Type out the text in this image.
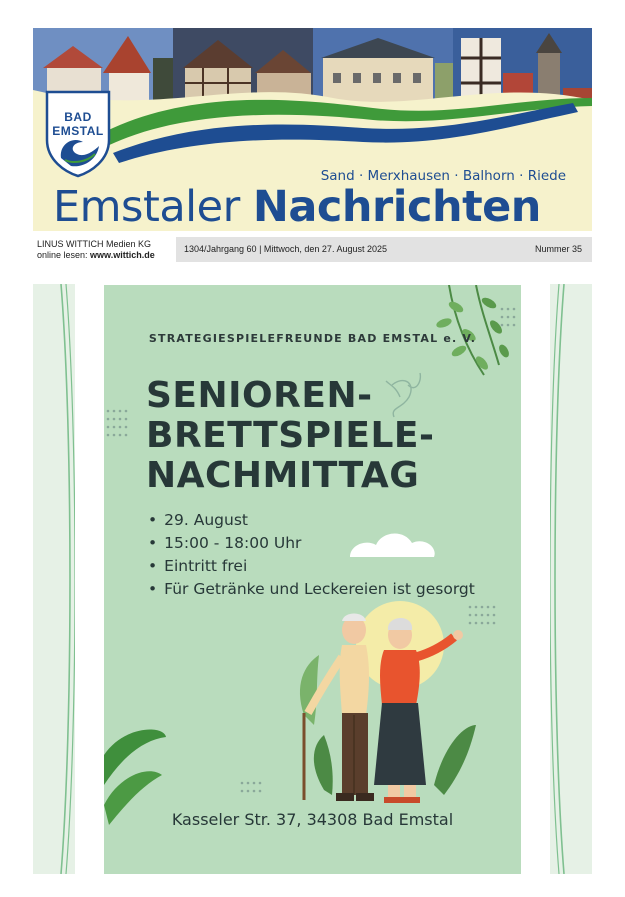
BAD
EMSTAL
Sand · Merxhausen · Balhorn · Riede
Emstaler Nachrichten
LINUS WITTICH Medien KG
online lesen: www.wittich.de
1304/Jahrgang 60 | Mittwoch, den 27. August 2025	Nummer 35
STRATEGIESPIELEFREUNDE BAD EMSTAL e. V.
SENIOREN-
BRETTSPIELE-
NACHMITTAG
• 29. August
• 15:00 - 18:00 Uhr
• Eintritt frei
• Für Getränke und Leckereien ist gesorgt
Kasseler Str. 37, 34308 Bad Emstal
